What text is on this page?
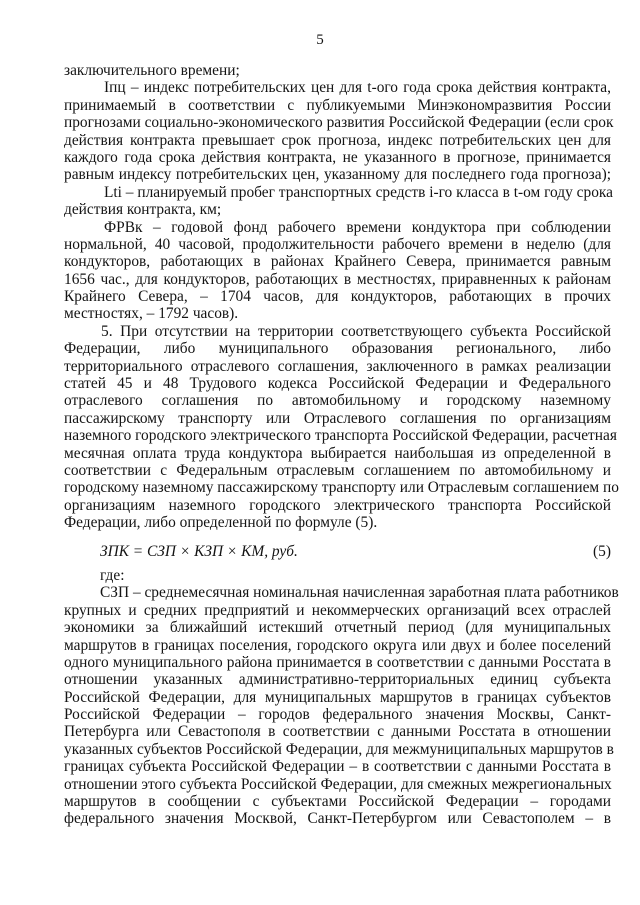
5
заключительного времени;
Iпц – индекс потребительских цен для t-ого года срока действия контракта,
принимаемый в соответствии с публикуемыми Минэкономразвития России
прогнозами социально-экономического развития Российской Федерации (если срок
действия контракта превышает срок прогноза, индекс потребительских цен для
каждого года срока действия контракта, не указанного в прогнозе, принимается
равным индексу потребительских цен, указанному для последнего года прогноза);
Lti – планируемый пробег транспортных средств i-го класса в t-ом году срока
действия контракта, км;
ФРВк – годовой фонд рабочего времени кондуктора при соблюдении
нормальной, 40 часовой, продолжительности рабочего времени в неделю (для
кондукторов, работающих в районах Крайнего Севера, принимается равным
1656 час., для кондукторов, работающих в местностях, приравненных к районам
Крайнего Севера, – 1704 часов, для кондукторов, работающих в прочих
местностях, – 1792 часов).
5. При отсутствии на территории соответствующего субъекта Российской
Федерации, либо муниципального образования регионального, либо
территориального отраслевого соглашения, заключенного в рамках реализации
статей 45 и 48 Трудового кодекса Российской Федерации и Федерального
отраслевого соглашения по автомобильному и городскому наземному
пассажирскому транспорту или Отраслевого соглашения по организациям
наземного городского электрического транспорта Российской Федерации, расчетная
месячная оплата труда кондуктора выбирается наибольшая из определенной в
соответствии с Федеральным отраслевым соглашением по автомобильному и
городскому наземному пассажирскому транспорту или Отраслевым соглашением по
организациям наземного городского электрического транспорта Российской
Федерации, либо определенной по формуле (5).
ЗПК = СЗП × КЗП × КМ, руб.	(5)
где:
СЗП – среднемесячная номинальная начисленная заработная плата работников
крупных и средних предприятий и некоммерческих организаций всех отраслей
экономики за ближайший истекший отчетный период (для муниципальных
маршрутов в границах поселения, городского округа или двух и более поселений
одного муниципального района принимается в соответствии с данными Росстата в
отношении указанных административно-территориальных единиц субъекта
Российской Федерации, для муниципальных маршрутов в границах субъектов
Российской Федерации – городов федерального значения Москвы, Санкт-
Петербурга или Севастополя в соответствии с данными Росстата в отношении
указанных субъектов Российской Федерации, для межмуниципальных маршрутов в
границах субъекта Российской Федерации – в соответствии с данными Росстата в
отношении этого субъекта Российской Федерации, для смежных межрегиональных
маршрутов в сообщении с субъектами Российской Федерации – городами
федерального значения Москвой, Санкт-Петербургом или Севастополем – в
